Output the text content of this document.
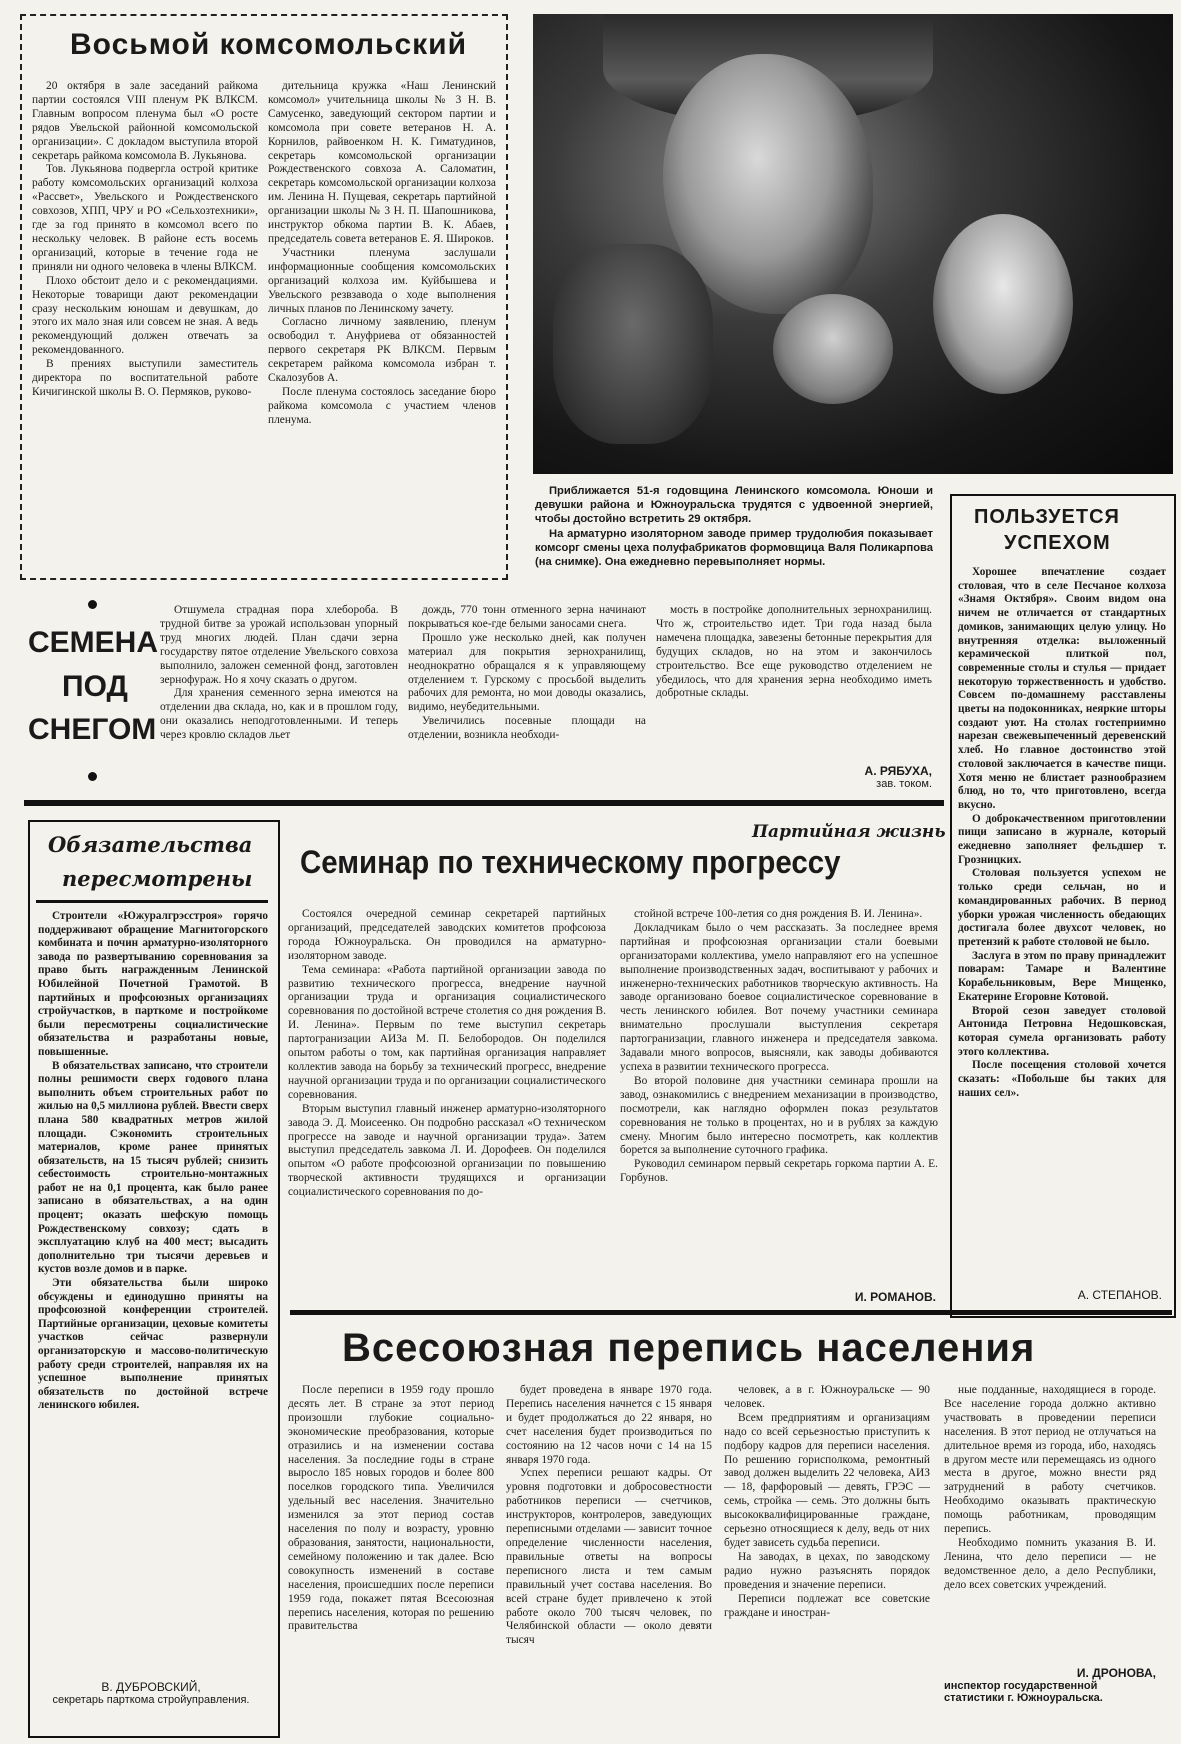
Восьмой комсомольский

20 октября в зале заседаний райкома партии состоялся VIII пленум РК ВЛКСМ. Главным вопросом пленума был «О росте рядов Увельской районной комсомольской организации». С докладом выступила второй секретарь райкома комсомола В. Лукьянова.

Тов. Лукьянова подвергла острой критике работу комсомольских организаций колхоза «Рассвет», Увельского и Рождественского совхозов, ХПП, ЧРУ и РО «Сельхозтехники», где за год принято в комсомол всего по нескольку человек. В районе есть восемь организаций, которые в течение года не приняли ни одного человека в члены ВЛКСМ.

Плохо обстоит дело и с рекомендациями. Некоторые товарищи дают рекомендации сразу нескольким юношам и девушкам, до этого их мало зная или совсем не зная. А ведь рекомендующий должен отвечать за рекомендованного.

В прениях выступили заместитель директора по воспитательной работе Кичигинской школы В. О. Пермяков, руково-

дительница кружка «Наш Ленинский комсомол» учительница школы № 3 Н. В. Самусенко, заведующий сектором партии и комсомола при совете ветеранов Н. А. Корнилов, райвоенком Н. К. Гиматудинов, секретарь комсомольской организации Рождественского совхоза А. Саломатин, секретарь комсомольской организации колхоза им. Ленина Н. Пущевая, секретарь партийной организации школы № 3 Н. П. Шапошникова, инструктор обкома партии В. К. Абаев, председатель совета ветеранов Е. Я. Широков.

Участники пленума заслушали информационные сообщения комсомольских организаций колхоза им. Куйбышева и Увельского резвзавода о ходе выполнения личных планов по Ленинскому зачету.

Согласно личному заявлению, пленум освободил т. Ануфриева от обязанностей первого секретаря РК ВЛКСМ. Первым секретарем райкома комсомола избран т. Скалозубов А.

После пленума состоялось заседание бюро райкома комсомола с участием членов пленума.

Приближается 51-я годовщина Ленинского комсомола. Юноши и девушки района и Южноуральска трудятся с удвоенной энергией, чтобы достойно встретить 29 октября.

На арматурно изоляторном заводе пример трудолюбия показывает комсорг смены цеха полуфабрикатов формовщица Валя Поликарпова (на снимке). Она ежедневно перевыполняет нормы.

СЕМЕНА
ПОД
СНЕГОМ

Отшумела страдная пора хлебороба. В трудной битве за урожай использован упорный труд многих людей. План сдачи зерна государству пятое отделение Увельского совхоза выполнило, заложен семенной фонд, заготовлен зернофураж. Но я хочу сказать о другом.

Для хранения семенного зерна имеются на отделении два склада, но, как и в прошлом году, они оказались неподготовленными. И теперь через кровлю складов льет

дождь, 770 тонн отменного зерна начинают покрываться кое-где белыми заносами снега.

Прошло уже несколько дней, как получен материал для покрытия зернохранилищ, неоднократно обращался я к управляющему отделением т. Гурскому с просьбой выделить рабочих для ремонта, но мои доводы оказались, видимо, неубедительными.

Увеличились посевные площади на отделении, возникла необходи-

мость в постройке дополнительных зернохранилищ. Что ж, строительство идет. Три года назад была намечена площадка, завезены бетонные перекрытия для будущих складов, но на этом и закончилось строительство. Все еще руководство отделением не убедилось, что для хранения зерна необходимо иметь добротные склады.

А. РЯБУХА,
зав. током.
ПОЛЬЗУЕТСЯ
УСПЕХОМ

Хорошее впечатление создает столовая, что в селе Песчаное колхоза «Знамя Октября». Своим видом она ничем не отличается от стандартных домиков, занимающих целую улицу. Но внутренняя отделка: выложенный керамической плиткой пол, современные столы и стулья — придает некоторую торжественность и удобство. Совсем по-домашнему расставлены цветы на подоконниках, неяркие шторы создают уют. На столах гостеприимно нарезан свежевыпеченный деревенский хлеб. Но главное достоинство этой столовой заключается в качестве пищи. Хотя меню не блистает разнообразием блюд, но то, что приготовлено, всегда вкусно.

О доброкачественном приготовлении пищи записано в журнале, который ежедневно заполняет фельдшер т. Грозницких.

Столовая пользуется успехом не только среди сельчан, но и командированных рабочих. В период уборки урожая численность обедающих достигала более двухсот человек, но претензий к работе столовой не было.

Заслуга в этом по праву принадлежит поварам: Тамаре и Валентине Корабельниковым, Вере Мищенко, Екатерине Егоровне Котовой.

Второй сезон заведует столовой Антонида Петровна Недошковская, которая сумела организовать работу этого коллектива.

После посещения столовой хочется сказать: «Побольше бы таких для наших сел».

А. СТЕПАНОВ.
Обязательства
пересмотрены

Строители «Южуралгрэсстроя» горячо поддерживают обращение Магнитогорского комбината и почин арматурно-изоляторного завода по развертыванию соревнования за право быть награжденным Ленинской Юбилейной Почетной Грамотой. В партийных и профсоюзных организациях стройучастков, в парткоме и постройкоме были пересмотрены социалистические обязательства и разработаны новые, повышенные.

В обязательствах записано, что строители полны решимости сверх годового плана выполнить объем строительных работ по жилью на 0,5 миллиона рублей. Ввести сверх плана 580 квадратных метров жилой площади. Сэкономить строительных материалов, кроме ранее принятых обязательств, на 15 тысяч рублей; снизить себестоимость строительно-монтажных работ не на 0,1 процента, как было ранее записано в обязательствах, а на один процент; оказать шефскую помощь Рождественскому совхозу; сдать в эксплуатацию клуб на 400 мест; высадить дополнительно три тысячи деревьев и кустов возле домов и в парке.

Эти обязательства были широко обсуждены и единодушно приняты на профсоюзной конференции строителей. Партийные организации, цеховые комитеты участков сейчас развернули организаторскую и массово-политическую работу среди строителей, направляя их на успешное выполнение принятых обязательств по достойной встрече ленинского юбилея.

В. ДУБРОВСКИЙ,
секретарь парткома стройуправления.
Партийная жизнь
Семинар по техническому прогрессу

Состоялся очередной семинар секретарей партийных организаций, председателей заводских комитетов профсоюза города Южноуральска. Он проводился на арматурно-изоляторном заводе.

Тема семинара: «Работа партийной организации завода по развитию технического прогресса, внедрение научной организации труда и организация социалистического соревнования по достойной встрече столетия со дня рождения В. И. Ленина». Первым по теме выступил секретарь партогранизации АИЗа М. П. Белобородов. Он поделился опытом работы о том, как партийная организация направляет коллектив завода на борьбу за технический прогресс, внедрение научной организации труда и по организации социалистического соревнования.

Вторым выступил главный инженер арматурно-изоляторного завода Э. Д. Моисеенко. Он подробно рассказал «О техническом прогрессе на заводе и научной организации труда». Затем выступил председатель завкома Л. И. Дорофеев. Он поделился опытом «О работе профсоюзной организации по повышению творческой активности трудящихся и организации социалистического соревнования по до-

стойной встрече 100-летия со дня рождения В. И. Ленина».

Докладчикам было о чем рассказать. За последнее время партийная и профсоюзная организации стали боевыми организаторами коллектива, умело направляют его на успешное выполнение производственных задач, воспитывают у рабочих и инженерно-технических работников творческую активность. На заводе организовано боевое социалистическое соревнование в честь ленинского юбилея. Вот почему участники семинара внимательно прослушали выступления секретаря партогранизации, главного инженера и председателя завкома. Задавали много вопросов, выясняли, как заводы добиваются успеха в развитии технического прогресса.

Во второй половине дня участники семинара прошли на завод, ознакомились с внедрением механизации в производство, посмотрели, как наглядно оформлен показ результатов соревнования не только в процентах, но и в рублях за каждую смену. Многим было интересно посмотреть, как коллектив борется за выполнение суточного графика.

Руководил семинаром первый секретарь горкома партии А. Е. Горбунов.

И. РОМАНОВ.
Всесоюзная перепись населения

После переписи в 1959 году прошло десять лет. В стране за этот период произошли глубокие социально-экономические преобразования, которые отразились и на изменении состава населения. За последние годы в стране выросло 185 новых городов и более 800 поселков городского типа. Увеличился удельный вес населения. Значительно изменился за этот период состав населения по полу и возрасту, уровню образования, занятости, национальности, семейному положению и так далее. Всю совокупность изменений в составе населения, происшедших после переписи 1959 года, покажет пятая Всесоюзная перепись населения, которая по решению правительства

будет проведена в январе 1970 года. Перепись населения начнется с 15 января и будет продолжаться до 22 января, но счет населения будет производиться по состоянию на 12 часов ночи с 14 на 15 января 1970 года.

Успех переписи решают кадры. От уровня подготовки и добросовестности работников переписи — счетчиков, инструкторов, контролеров, заведующих переписными отделами — зависит точное определение численности населения, правильные ответы на вопросы переписного листа и тем самым правильный учет состава населения. Во всей стране будет привлечено к этой работе около 700 тысяч человек, по Челябинской области — около девяти тысяч

человек, а в г. Южноуральске — 90 человек.

Всем предприятиям и организациям надо со всей серьезностью приступить к подбору кадров для переписи населения. По решению горисполкома, ремонтный завод должен выделить 22 человека, АИЗ — 18, фарфоровый — девять, ГРЭС — семь, стройка — семь. Это должны быть высококвалифицированные граждане, серьезно относящиеся к делу, ведь от них будет зависеть судьба переписи.

На заводах, в цехах, по заводскому радио нужно разъяснять порядок проведения и значение переписи.

Переписи подлежат все советские граждане и иностран-

ные подданные, находящиеся в городе. Все население города должно активно участвовать в проведении переписи населения. В этот период не отлучаться на длительное время из города, ибо, находясь в другом месте или перемещаясь из одного места в другое, можно внести ряд затруднений в работу счетчиков. Необходимо оказывать практическую помощь работникам, проводящим перепись.

Необходимо помнить указания В. И. Ленина, что дело переписи — не ведомственное дело, а дело Республики, дело всех советских учреждений.

И. ДРОНОВА,
инспектор государственной статистики г. Южноуральска.
